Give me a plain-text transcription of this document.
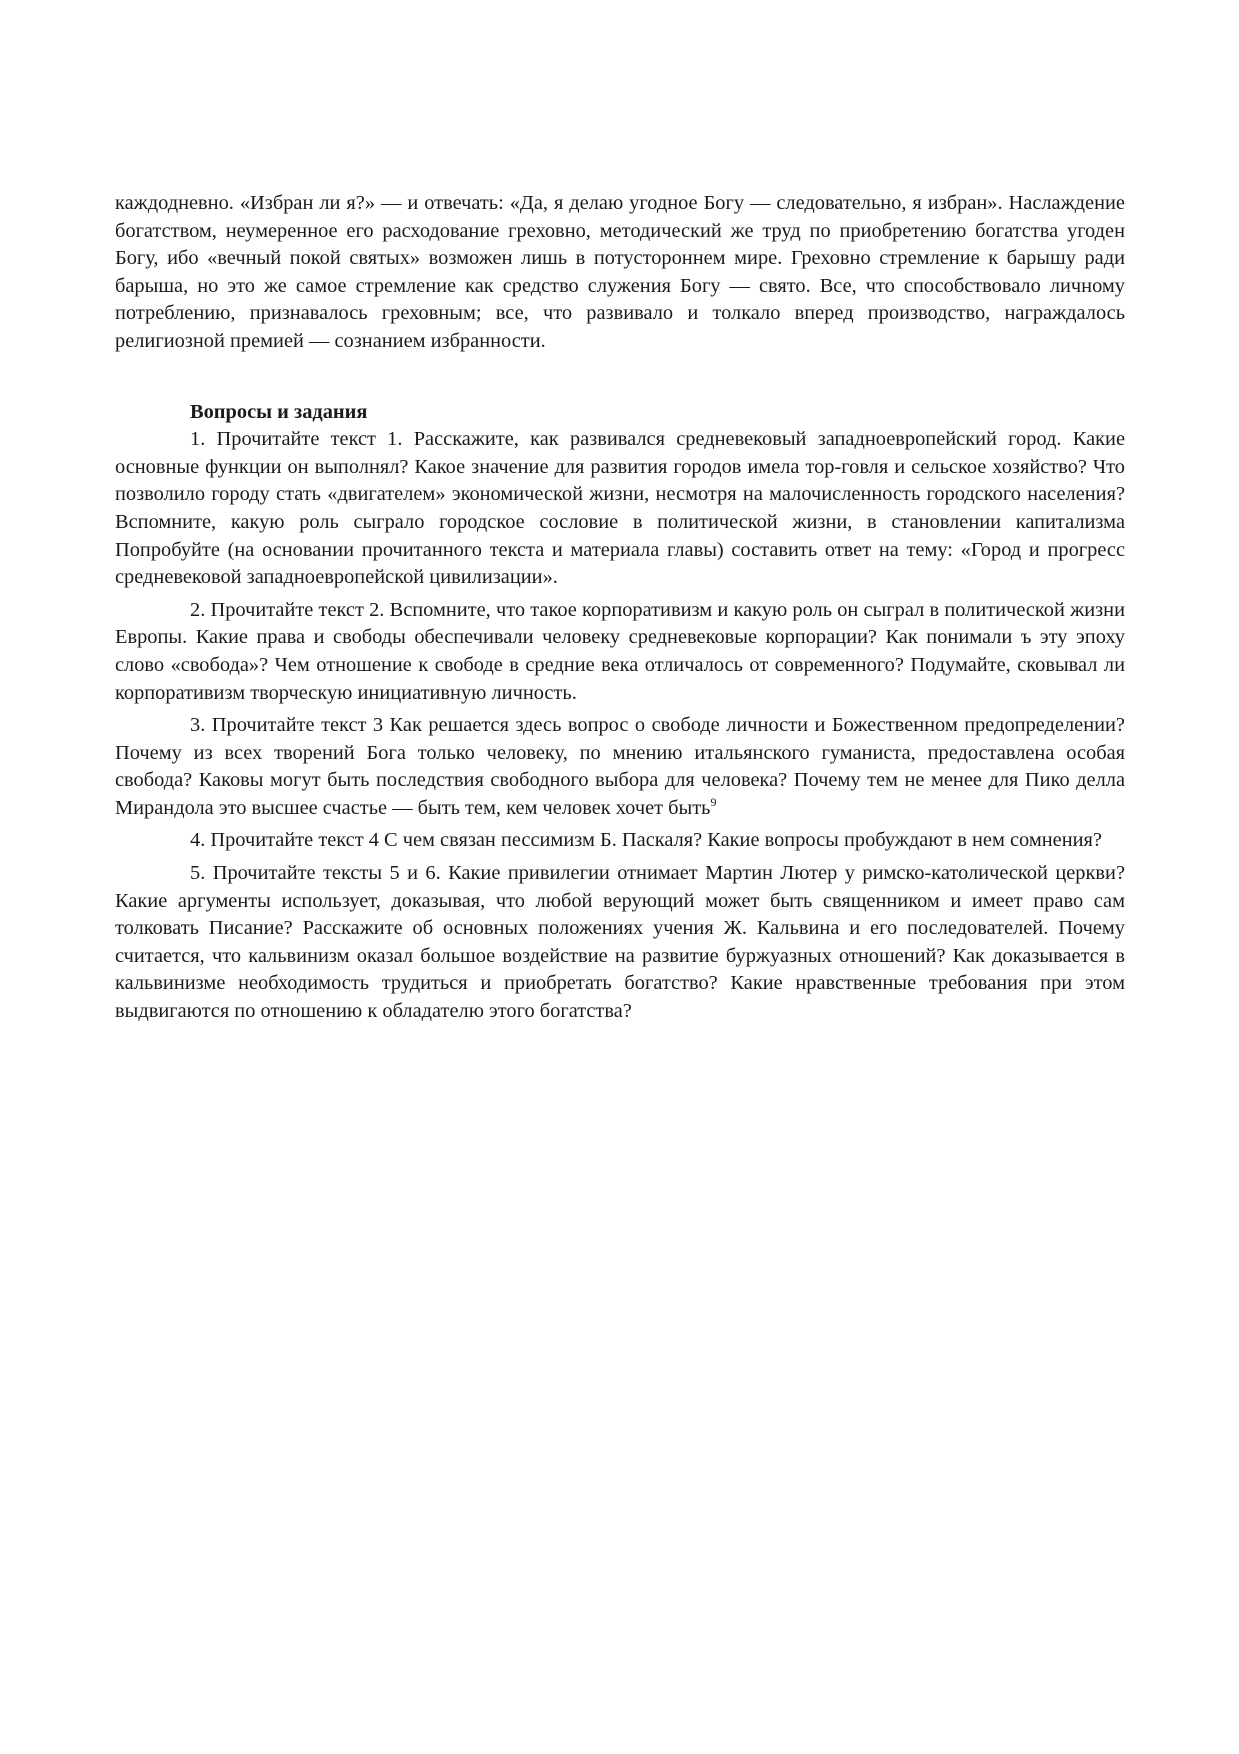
каждодневно. «Избран ли я?» — и отвечать: «Да, я делаю угодное Богу — следовательно, я избран». Наслаждение богатством, неумеренное его расходование греховно, методический же труд по приобретению богатства угоден Богу, ибо «вечный покой святых» возможен лишь в потустороннем мире. Греховно стремление к барышу ради барыша, но это же самое стремление как средство служения Богу — свято. Все, что способствовало личному потреблению, признавалось греховным; все, что развивало и толкало вперед производство, награждалось религиозной премией — сознанием избранности.

Вопросы и задания

1. Прочитайте текст 1. Расскажите, как развивался средневековый западноевропейский город. Какие основные функции он выполнял? Какое значение для развития городов имела тор-говля и сельское хозяйство? Что позволило городу стать «двигателем» экономической жизни, несмотря на малочисленность городского населения? Вспомните, какую роль сыграло городское сословие в политической жизни, в становлении капитализма Попробуйте (на основании прочитанного текста и материала главы) составить ответ на тему: «Город и прогресс средневековой западноевропейской цивилизации».

2. Прочитайте текст 2. Вспомните, что такое корпоративизм и какую роль он сыграл в политической жизни Европы. Какие права и свободы обеспечивали человеку средневековые корпорации? Как понимали ъ эту эпоху слово «свобода»? Чем отношение к свободе в средние века отличалось от современного? Подумайте, сковывал ли корпоративизм творческую инициативную личность.

3. Прочитайте текст 3 Как решается здесь вопрос о свободе личности и Божественном предопределении? Почему из всех творений Бога только человеку, по мнению итальянского гуманиста, предоставлена особая свобода? Каковы могут быть последствия свободного выбора для человека? Почему тем не менее для Пико делла Мирандола это высшее счастье — быть тем, кем человек хочет быть$^9$

4. Прочитайте текст 4 С чем связан пессимизм Б. Паскаля? Какие вопросы пробуждают в нем сомнения?

5. Прочитайте тексты 5 и 6. Какие привилегии отнимает Мартин Лютер у римско-католической церкви? Какие аргументы использует, доказывая, что любой верующий может быть священником и имеет право сам толковать Писание? Расскажите об основных положениях учения Ж. Кальвина и его последователей. Почему считается, что кальвинизм оказал большое воздействие на развитие буржуазных отношений? Как доказывается в кальвинизме необходимость трудиться и приобретать богатство? Какие нравственные требования при этом выдвигаются по отношению к обладателю этого богатства?
